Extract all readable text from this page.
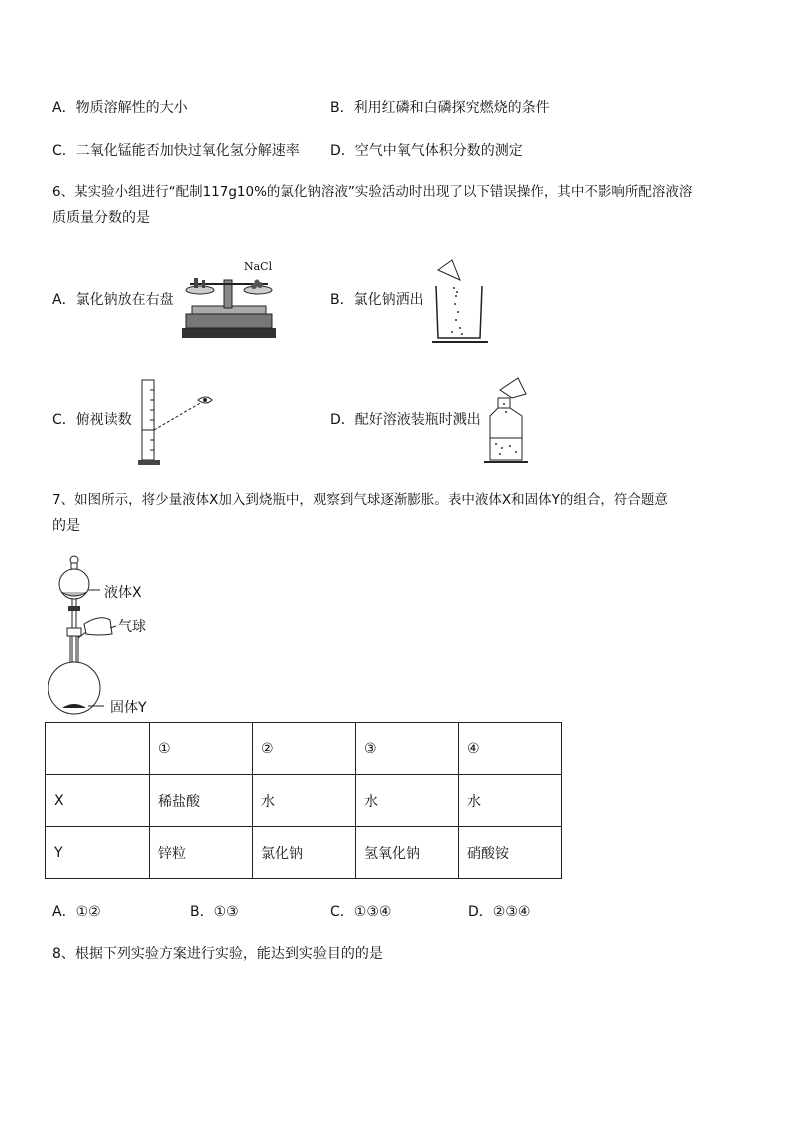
A．物质溶解性的大小	B．利用红磷和白磷探究燃烧的条件
C．二氧化锰能否加快过氧化氢分解速率 D．空气中氧气体积分数的测定
6、某实验小组进行“配制117g10%的氯化钠溶液”实验活动时出现了以下错误操作，其中不影响所配溶液溶
质质量分数的是
A．氯化钠放在右盘
NaCl
B．氯化钠洒出
C．俯视读数	D．配好溶液装瓶时溅出
7、如图所示，将少量液体X加入到烧瓶中，观察到气球逐渐膨胀。表中液体X和固体Y的组合，符合题意
的是
液体X
气球
固体Y
	①	②	③	④
X	稀盐酸	水	水	水
Y	锌粒	氯化钠	氢氧化钠	硝酸铵
A．①②	B．①③	C．①③④	D．②③④
8、根据下列实验方案进行实验，能达到实验目的的是
